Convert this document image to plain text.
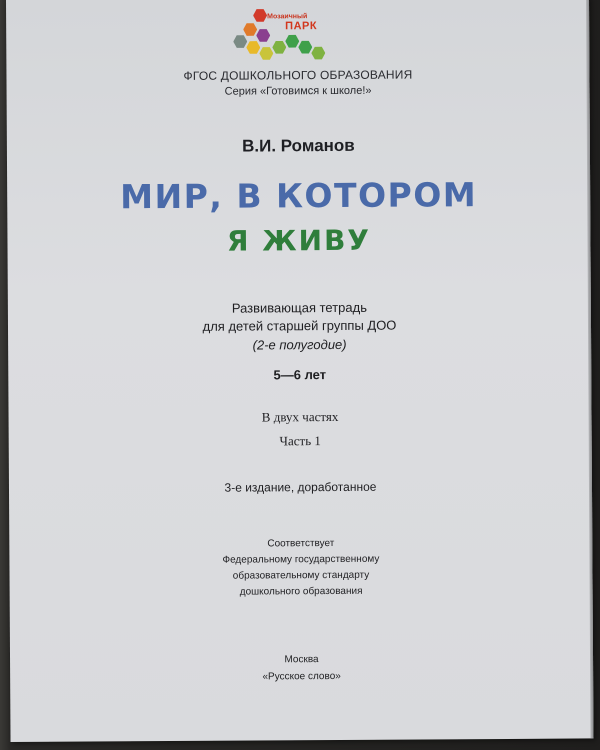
Мозаичный
ПАРК
ФГОС ДОШКОЛЬНОГО ОБРАЗОВАНИЯ
Серия «Готовимся к школе!»
В.И. Романов
МИР, В КОТОРОМ
Я ЖИВУ
Развивающая тетрадь
для детей старшей группы ДОО
(2-е полугодие)
5—6 лет
В двух частях
Часть 1
3-е издание, доработанное
Соответствует
Федеральному государственному
образовательному стандарту
дошкольного образования
Москва
«Русское слово»
